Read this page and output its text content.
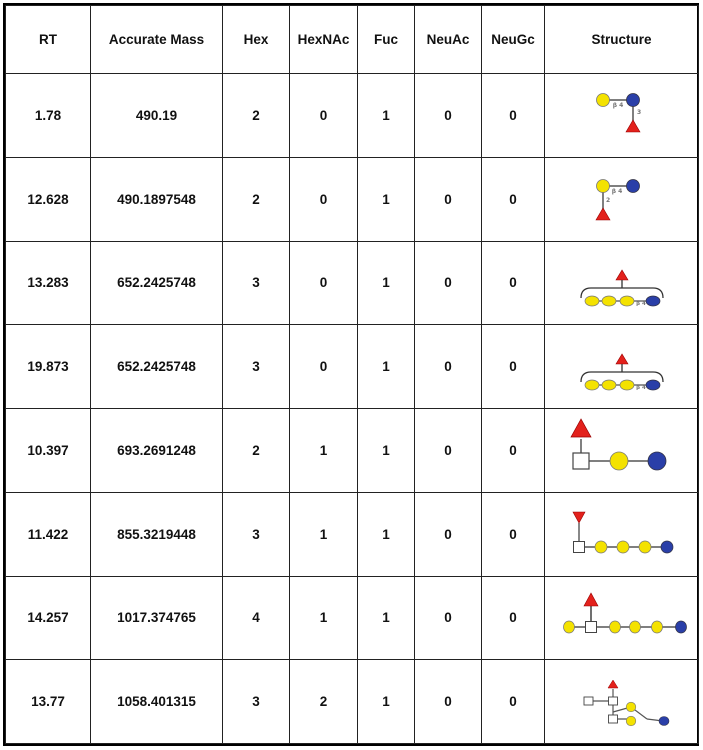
RT	Accurate Mass	Hex	HexNAc	Fuc	NeuAc	NeuGc	Structure
1.78	490.19	2	0	1	0	0	β 4
3

12.628	490.1897548	2	0	1	0	0	β 4
2

13.283	652.2425748	3	0	1	0	0	β 4

19.873	652.2425748	3	0	1	0	0	β 4

10.397	693.2691248	2	1	1	0	0	

11.422	855.3219448	3	1	1	0	0	

14.257	1017.374765	4	1	1	0	0	

13.77	1058.401315	3	2	1	0	0	
